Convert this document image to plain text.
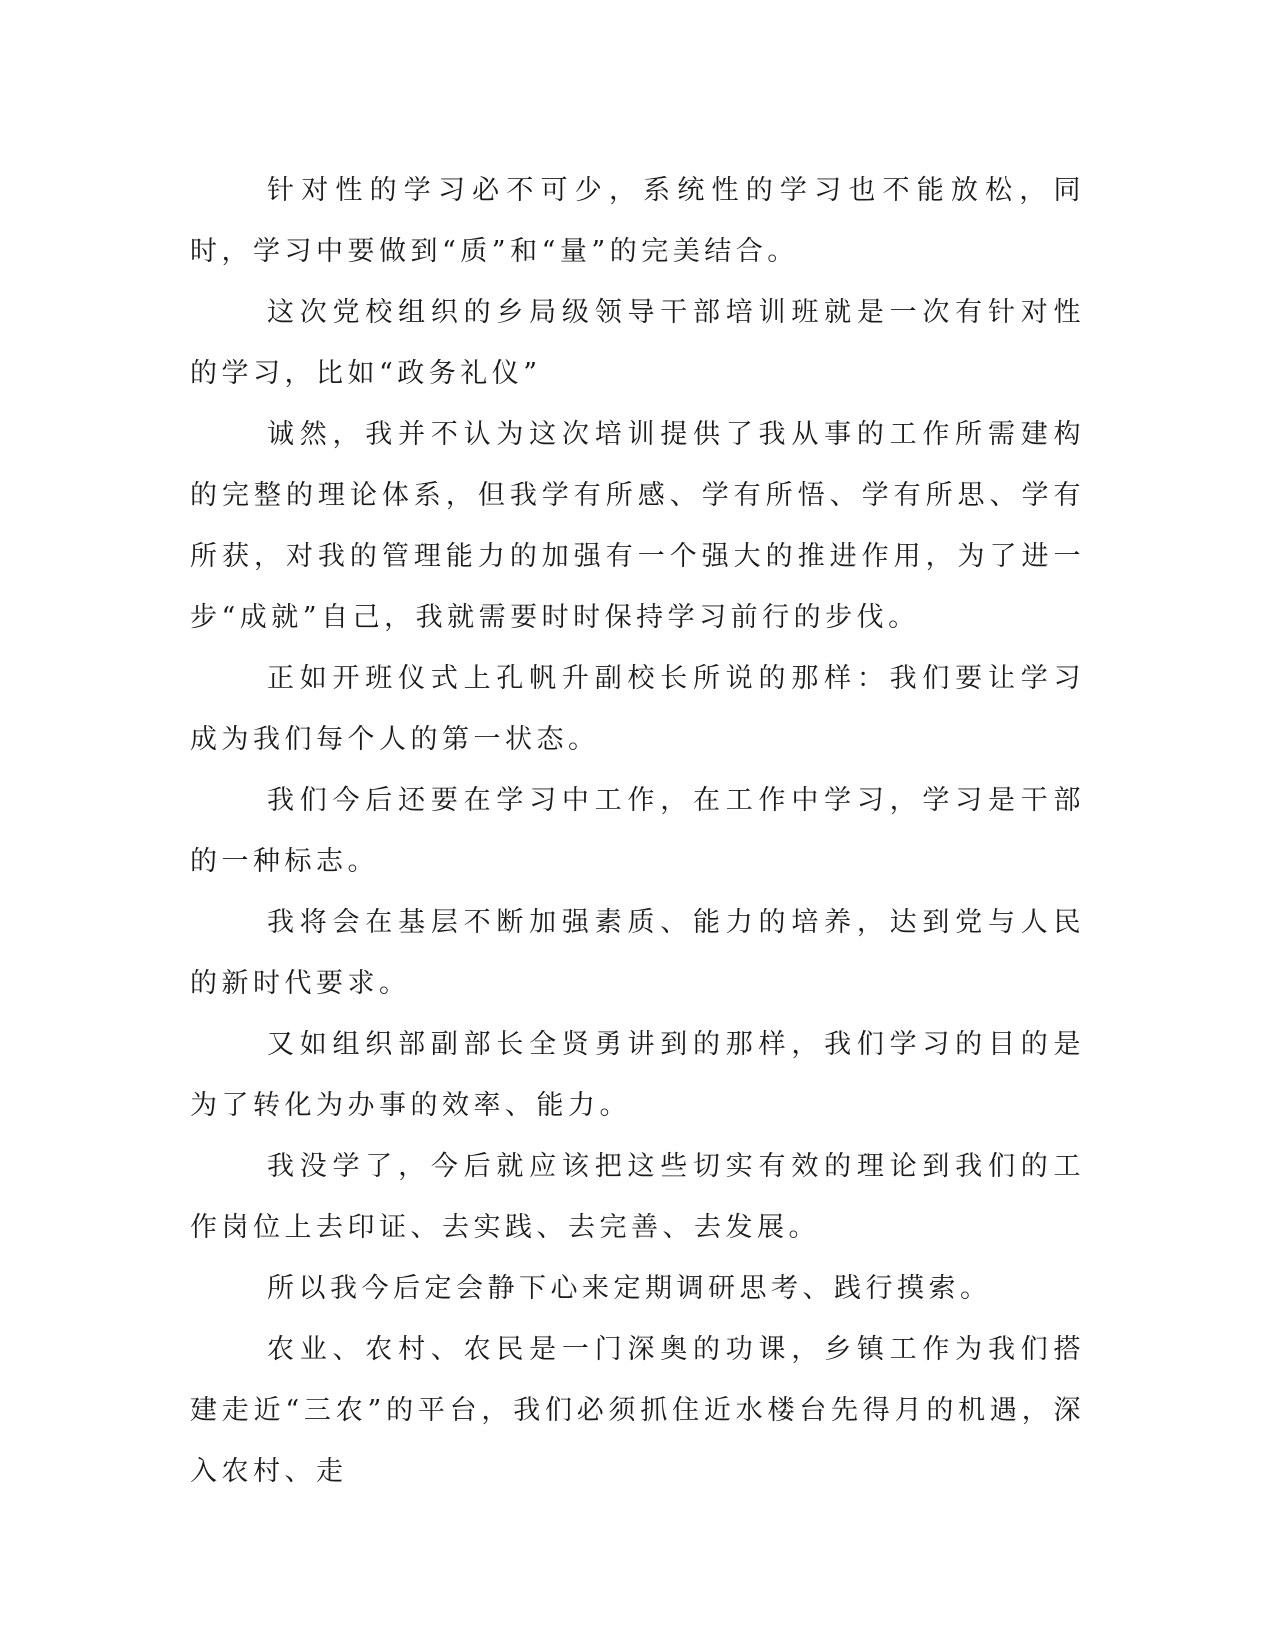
针对性的学习必不可少，系统性的学习也不能放松，同时，学习中要做到“质”和“量”的完美结合。

这次党校组织的乡局级领导干部培训班就是一次有针对性的学习，比如“政务礼仪”

诚然，我并不认为这次培训提供了我从事的工作所需建构的完整的理论体系，但我学有所感、学有所悟、学有所思、学有所获，对我的管理能力的加强有一个强大的推进作用，为了进一步“成就”自己，我就需要时时保持学习前行的步伐。

正如开班仪式上孔帆升副校长所说的那样：我们要让学习成为我们每个人的第一状态。

我们今后还要在学习中工作，在工作中学习，学习是干部的一种标志。

我将会在基层不断加强素质、能力的培养，达到党与人民的新时代要求。

又如组织部副部长全贤勇讲到的那样，我们学习的目的是为了转化为办事的效率、能力。

我没学了，今后就应该把这些切实有效的理论到我们的工作岗位上去印证、去实践、去完善、去发展。

所以我今后定会静下心来定期调研思考、践行摸索。

农业、农村、农民是一门深奥的功课，乡镇工作为我们搭建走近“三农”的平台，我们必须抓住近水楼台先得月的机遇，深入农村、走
